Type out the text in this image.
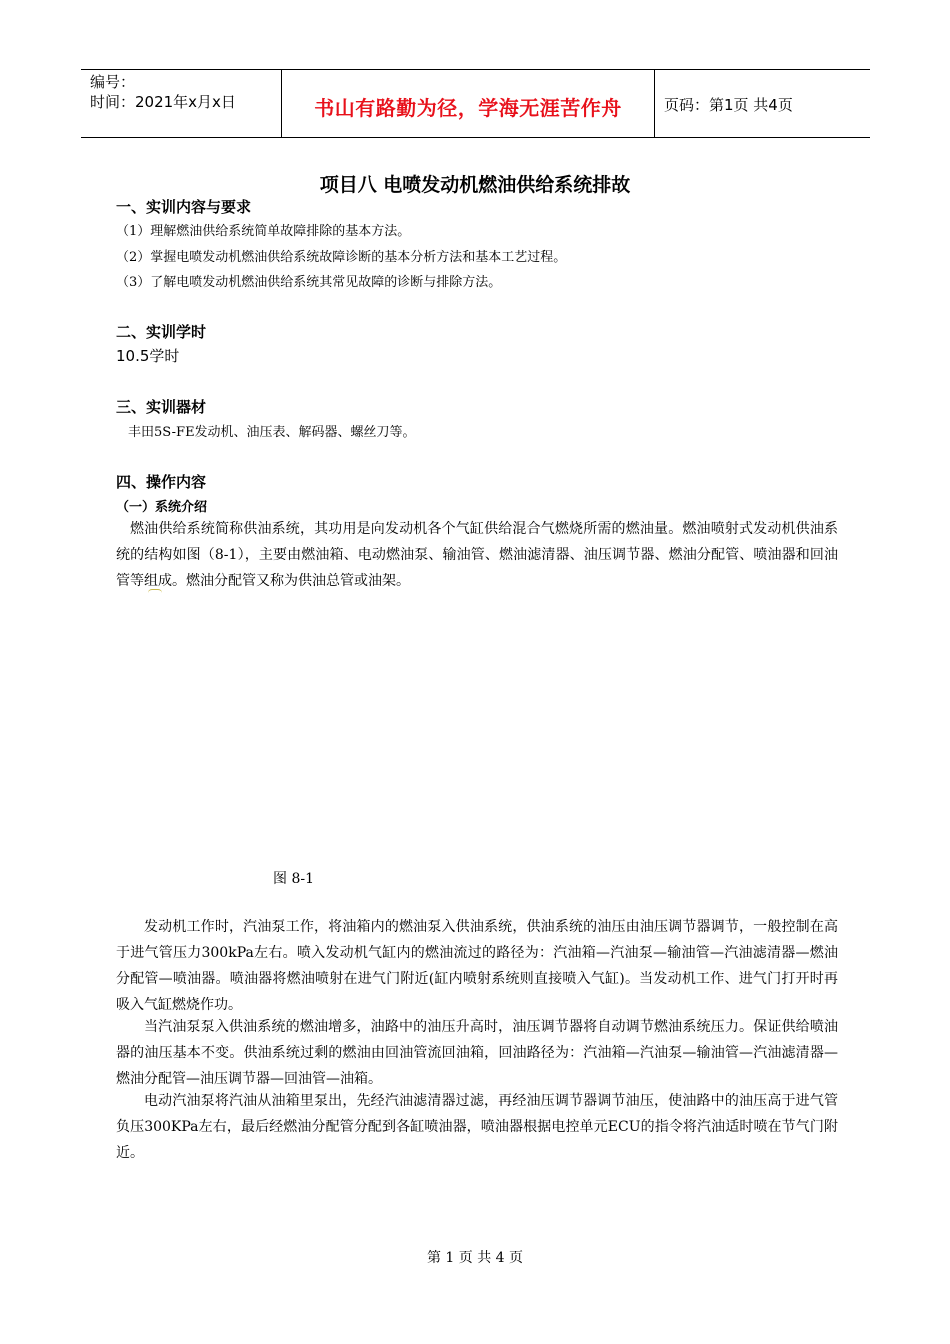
编号：
时间：2021年x月x日	书山有路勤为径，学海无涯苦作舟	页码：第1页 共4页
项目八 电喷发动机燃油供给系统排故
一、实训内容与要求
（1）理解燃油供给系统简单故障排除的基本方法。
（2）掌握电喷发动机燃油供给系统故障诊断的基本分析方法和基本工艺过程。
（3）了解电喷发动机燃油供给系统其常见故障的诊断与排除方法。
二、实训学时
10.5学时
三、实训器材
丰田5S-FE发动机、油压表、解码器、螺丝刀等。
四、操作内容
（一）系统介绍

燃油供给系统简称供油系统，其功用是向发动机各个气缸供给混合气燃烧所需的燃油量。燃油喷射式发动机供油系统的结构如图（8-1），主要由燃油箱、电动燃油泵、输油管、燃油滤清器、油压调节器、燃油分配管、喷油器和回油管等组成。燃油分配管又称为供油总管或油架。

图 8-1

发动机工作时，汽油泵工作，将油箱内的燃油泵入供油系统，供油系统的油压由油压调节器调节，一般控制在高于进气管压力300kPa左右。喷入发动机气缸内的燃油流过的路径为：汽油箱—汽油泵—输油管—汽油滤清器—燃油分配管—喷油器。喷油器将燃油喷射在进气门附近(缸内喷射系统则直接喷入气缸)。当发动机工作、进气门打开时再吸入气缸燃烧作功。

当汽油泵泵入供油系统的燃油增多，油路中的油压升高时，油压调节器将自动调节燃油系统压力。保证供给喷油器的油压基本不变。供油系统过剩的燃油由回油管流回油箱，回油路径为：汽油箱—汽油泵—输油管—汽油滤清器—燃油分配管—油压调节器—回油管—油箱。

电动汽油泵将汽油从油箱里泵出，先经汽油滤清器过滤，再经油压调节器调节油压，使油路中的油压高于进气管负压300KPa左右，最后经燃油分配管分配到各缸喷油器，喷油器根据电控单元ECU的指令将汽油适时喷在节气门附近。

第 1 页 共 4 页
